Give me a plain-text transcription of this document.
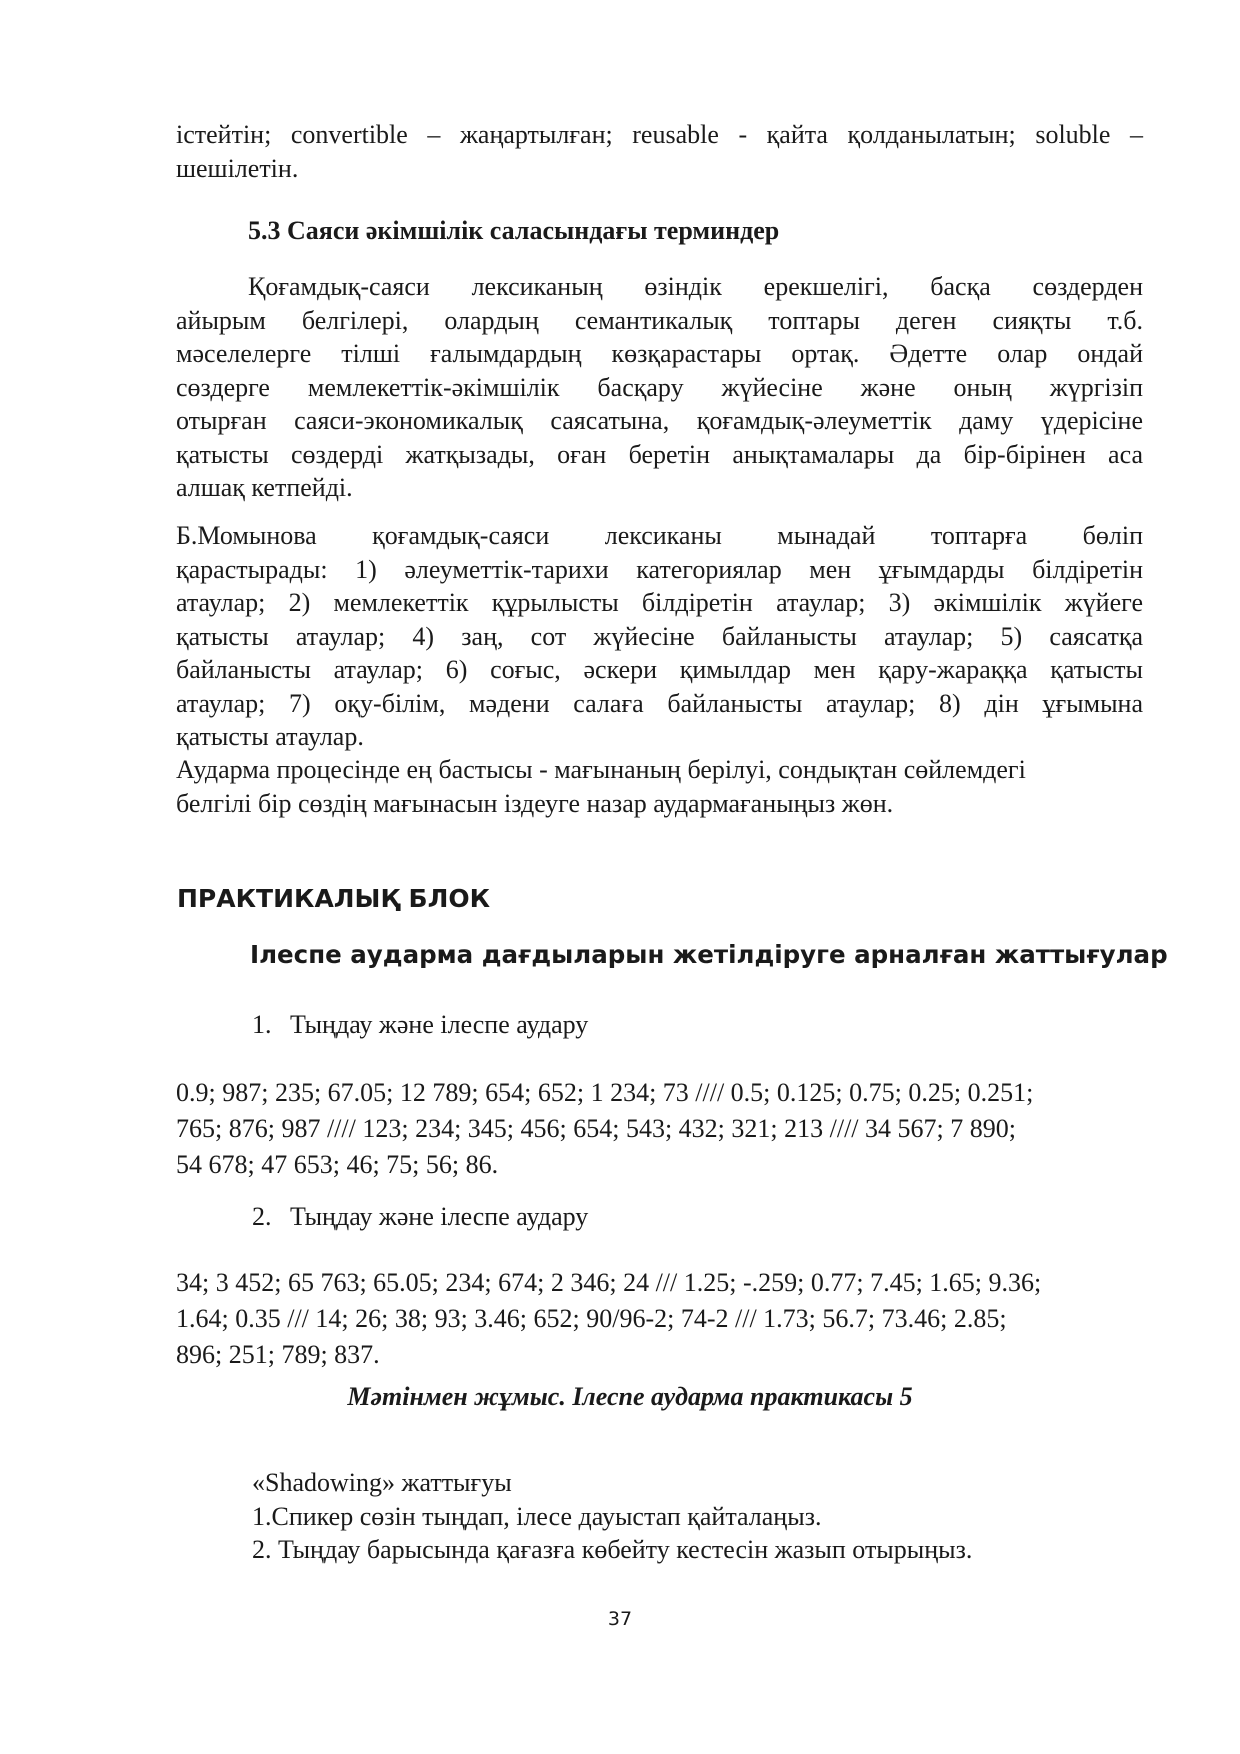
істейтін; convertible – жаңартылған; reusable - қайта қолданылатын; soluble –
шешілетін.

5.3 Саяси әкімшілік саласындағы терминдер

Қоғамдық-саяси лексиканың өзіндік ерекшелігі, басқа сөздерден
айырым белгілері, олардың семантикалық топтары деген сияқты т.б.
мәселелерге тілші ғалымдардың көзқарастары ортақ. Әдетте олар ондай
сөздерге мемлекеттік-әкімшілік басқару жүйесіне және оның жүргізіп
отырған саяси-экономикалық саясатына, қоғамдық-әлеуметтік даму үдерісіне
қатысты сөздерді жатқызады, оған беретін анықтамалары да бір-бірінен аса
алшақ кетпейді.

Б.Момынова қоғамдық-саяси лексиканы мынадай топтарға бөліп
қарастырады: 1) әлеуметтік-тарихи категориялар мен ұғымдарды білдіретін
атаулар; 2) мемлекеттік құрылысты білдіретін атаулар; 3) әкімшілік жүйеге
қатысты атаулар; 4) заң, сот жүйесіне байланысты атаулар; 5) саясатқа
байланысты атаулар; 6) соғыс, әскери қимылдар мен қару-жараққа қатысты
атаулар; 7) оқу-білім, мәдени салаға байланысты атаулар; 8) дін ұғымына
қатысты атаулар.

Аударма процесінде ең бастысы - мағынаның берілуі, сондықтан сөйлемдегі
белгілі бір сөздің мағынасын іздеуге назар аудармағаныңыз жөн.

ПРАКТИКАЛЫҚ БЛОК

Ілеспе аударма дағдыларын жетілдіруге арналған жаттығулар

1. Тыңдау және ілеспе аудару

0.9; 987; 235; 67.05; 12 789; 654; 652; 1 234; 73 //// 0.5; 0.125; 0.75; 0.25; 0.251;
765; 876; 987 //// 123; 234; 345; 456; 654; 543; 432; 321; 213 //// 34 567; 7 890;
54 678; 47 653; 46; 75; 56; 86.

2. Тыңдау және ілеспе аудару

34; 3 452; 65 763; 65.05; 234; 674; 2 346; 24 /// 1.25; -.259; 0.77; 7.45; 1.65; 9.36;
1.64; 0.35 /// 14; 26; 38; 93; 3.46; 652; 90/96-2; 74-2 /// 1.73; 56.7; 73.46; 2.85;
896; 251; 789; 837.

Мәтінмен жұмыс. Ілеспе аударма практикасы 5

«Shadowing» жаттығуы
1.Спикер сөзін тыңдап, ілесе дауыстап қайталаңыз.
2. Тыңдау барысында қағазға көбейту кестесін жазып отырыңыз.

37
